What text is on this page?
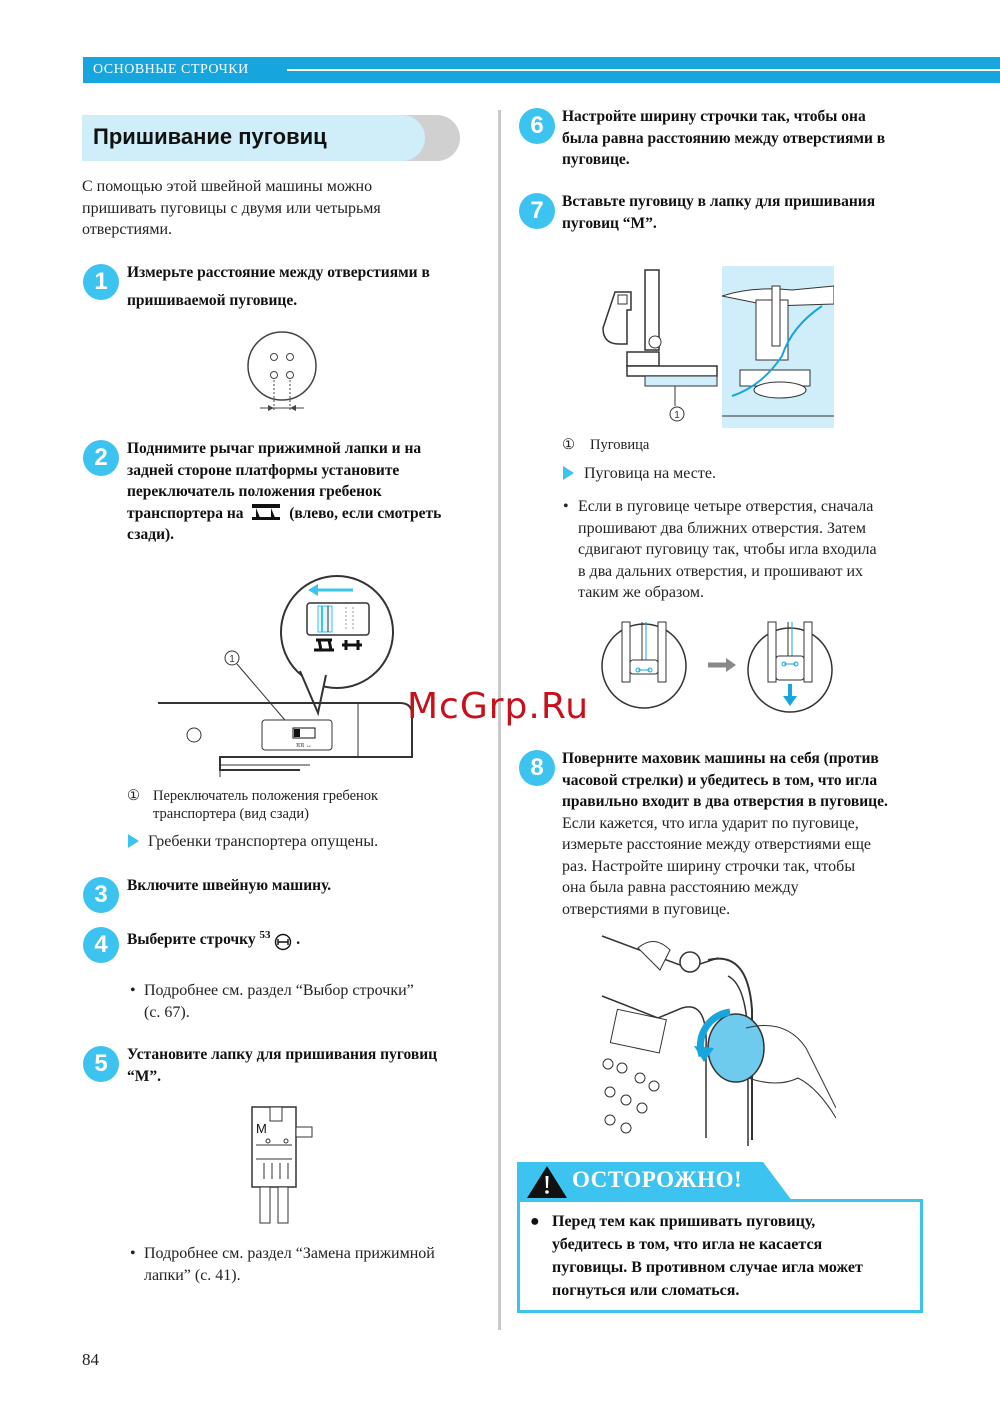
ОСНОВНЫЕ СТРОЧКИ
Пришивание пуговиц
С помощью этой швейной машины можно
пришивать пуговицы с двумя или четырьмя
отверстиями.
1	Измерьте расстояние между отверстиями в
пришиваемой пуговице.
2	Поднимите рычаг прижимной лапки и на
задней стороне платформы установите
переключатель положения гребенок
транспортера на	(влево, если смотреть
сзади).
1
ππ ↔
① Переключатель положения гребенок
транспортера (вид сзади)
Гребенки транспортера опущены.
3	Включите швейную машину.
4	Выберите строчку $^{53}$ .
• Подробнее см. раздел “Выбор строчки”
(с. 67).
5	Установите лапку для пришивания пуговиц
“M”.
M
• Подробнее см. раздел “Замена прижимной
лапки” (с. 41).
84
6	Настройте ширину строчки так, чтобы она
была равна расстоянию между отверстиями в
пуговице.
7	Вставьте пуговицу в лапку для пришивания
пуговиц “M”.
1
① Пуговица
Пуговица на месте.
• Если в пуговице четыре отверстия, сначала
прошивают два ближних отверстия. Затем
сдвигают пуговицу так, чтобы игла входила
в два дальних отверстия, и прошивают их
таким же образом.
McGrp.Ru
8	Поверните маховик машины на себя (против
часовой стрелки) и убедитесь в том, что игла
правильно входит в два отверстия в пуговице.
Если кажется, что игла ударит по пуговице,
измерьте расстояние между отверстиями еще
раз. Настройте ширину строчки так, чтобы
она была равна расстоянию между
отверстиями в пуговице.
ОСТОРОЖНО!
● Перед тем как пришивать пуговицу,
убедитесь в том, что игла не касается
пуговицы. В противном случае игла может
погнуться или сломаться.
